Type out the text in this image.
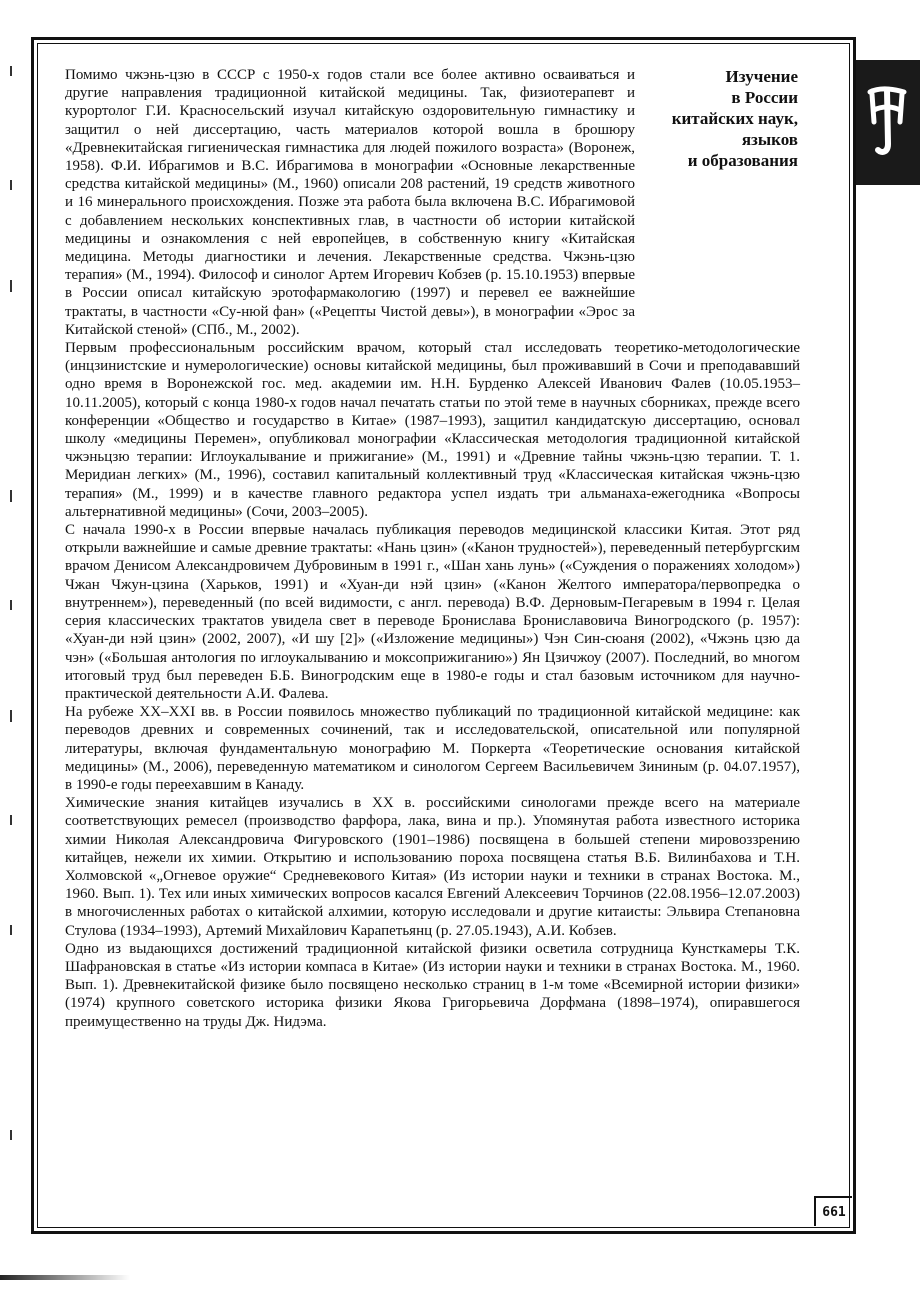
Изучение
в России
китайских наук,
языков
и образования

Помимо чжэнь-цзю в СССР с 1950-х годов стали все более активно осваиваться и другие направления традиционной китайской медицины. Так, физиотерапевт и курортолог Г.И. Красносельский изучал китайскую оздоровительную гимнастику и защитил о ней диссертацию, часть материалов которой вошла в брошюру «Древнекитайская гигиеническая гимнастика для людей пожилого возраста» (Воронеж, 1958). Ф.И. Ибрагимов и В.С. Ибрагимова в монографии «Основные лекарственные средства китайской медицины» (М., 1960) описали 208 растений, 19 средств животного и 16 минерального происхождения. Позже эта работа была включена В.С. Ибрагимовой с добавлением нескольких конспективных глав, в частности об истории китайской медицины и ознакомления с ней европейцев, в собственную книгу «Китайская медицина. Методы диагностики и лечения. Лекарственные средства. Чжэнь-цзю терапия» (М., 1994). Философ и синолог Артем Игоревич Кобзев (р. 15.10.1953) впервые в России описал китайскую эротофармакологию (1997) и перевел ее важнейшие трактаты, в частности «Су-нюй фан» («Рецепты Чистой девы»), в монографии «Эрос за Китайской стеной» (СПб., М., 2002).

Первым профессиональным российским врачом, который стал исследовать теоретико-методологические (инцзинистские и нумерологические) основы китайской медицины, был проживавший в Сочи и преподававший одно время в Воронежской гос. мед. академии им. Н.Н. Бурденко Алексей Иванович Фалев (10.05.1953–10.11.2005), который с конца 1980-х годов начал печатать статьи по этой теме в научных сборниках, прежде всего конференции «Общество и государство в Китае» (1987–1993), защитил кандидатскую диссертацию, основал школу «медицины Перемен», опубликовал монографии «Классическая методология традиционной китайской чжэньцзю терапии: Иглоукалывание и прижигание» (М., 1991) и «Древние тайны чжэнь-цзю терапии. Т. 1. Меридиан легких» (М., 1996), составил капитальный коллективный труд «Классическая китайская чжэнь-цзю терапия» (М., 1999) и в качестве главного редактора успел издать три альманаха-ежегодника «Вопросы альтернативной медицины» (Сочи, 2003–2005).

С начала 1990-х в России впервые началась публикация переводов медицинской классики Китая. Этот ряд открыли важнейшие и самые древние трактаты: «Нань цзин» («Канон трудностей»), переведенный петербургским врачом Денисом Александровичем Дубровиным в 1991 г., «Шан хань лунь» («Суждения о поражениях холодом») Чжан Чжун-цзина (Харьков, 1991) и «Хуан-ди нэй цзин» («Канон Желтого императора/первопредка о внутреннем»), переведенный (по всей видимости, с англ. перевода) В.Ф. Дерновым-Пегаревым в 1994 г. Целая серия классических трактатов увидела свет в переводе Бронислава Брониславовича Виногродского (р. 1957): «Хуан-ди нэй цзин» (2002, 2007), «И шу [2]» («Изложение медицины») Чэн Син-сюаня (2002), «Чжэнь цзю да чэн» («Большая антология по иглоукалыванию и моксоприжиганию») Ян Цзичжоу (2007). Последний, во многом итоговый труд был переведен Б.Б. Виногродским еще в 1980-е годы и стал базовым источником для научно-практической деятельности А.И. Фалева.

На рубеже XX–XXI вв. в России появилось множество публикаций по традиционной китайской медицине: как переводов древних и современных сочинений, так и исследовательской, описательной или популярной литературы, включая фундаментальную монографию М. Поркерта «Теоретические основания китайской медицины» (М., 2006), переведенную математиком и синологом Сергеем Васильевичем Зининым (р. 04.07.1957), в 1990-е годы переехавшим в Канаду.

Химические знания китайцев изучались в XX в. российскими синологами прежде всего на материале соответствующих ремесел (производство фарфора, лака, вина и пр.). Упомянутая работа известного историка химии Николая Александровича Фигуровского (1901–1986) посвящена в большей степени мировоззрению китайцев, нежели их химии. Открытию и использованию пороха посвящена статья В.Б. Вилинбахова и Т.Н. Холмовской «„Огневое оружие“ Средневекового Китая» (Из истории науки и техники в странах Востока. М., 1960. Вып. 1). Тех или иных химических вопросов касался Евгений Алексеевич Торчинов (22.08.1956–12.07.2003) в многочисленных работах о китайской алхимии, которую исследовали и другие китаисты: Эльвира Степановна Стулова (1934–1993), Артемий Михайлович Карапетьянц (р. 27.05.1943), А.И. Кобзев.

Одно из выдающихся достижений традиционной китайской физики осветила сотрудница Кунсткамеры Т.К. Шафрановская в статье «Из истории компаса в Китае» (Из истории науки и техники в странах Востока. М., 1960. Вып. 1). Древнекитайской физике было посвящено несколько страниц в 1-м томе «Всемирной истории физики» (1974) крупного советского историка физики Якова Григорьевича Дорфмана (1898–1974), опиравшегося преимущественно на труды Дж. Нидэма.

661
